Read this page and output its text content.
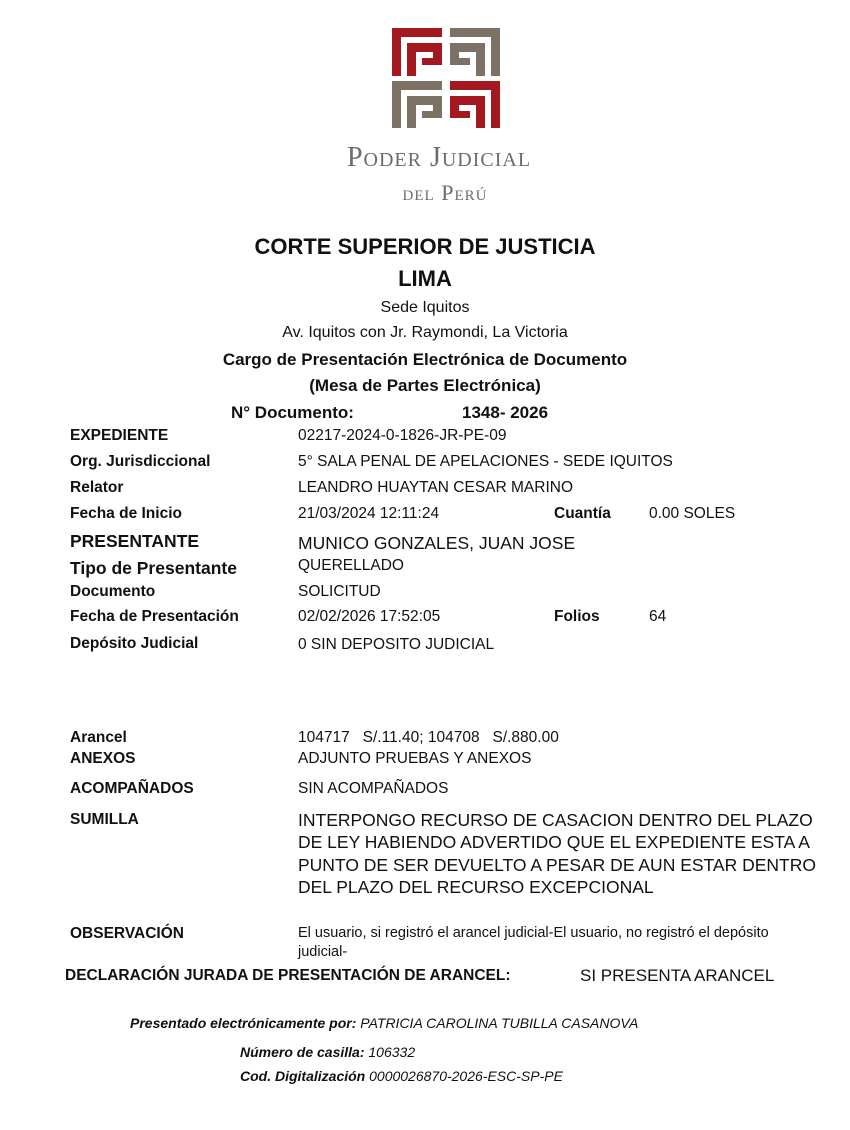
Poder Judicial
del Perú
CORTE SUPERIOR DE JUSTICIA
LIMA
Sede Iquitos
Av. Iquitos con Jr. Raymondi, La Victoria
Cargo de Presentación Electrónica de Documento
(Mesa de Partes Electrónica)
N° Documento:	1348- 2026
EXPEDIENTE	02217-2024-0-1826-JR-PE-09
Org. Jurisdiccional	5° SALA PENAL DE APELACIONES - SEDE IQUITOS
Relator	LEANDRO HUAYTAN CESAR MARINO
Fecha de Inicio	21/03/2024 12:11:24	Cuantía 0.00 SOLES
PRESENTANTE	MUNICO GONZALES, JUAN JOSE
Tipo de Presentante	QUERELLADO
Documento	SOLICITUD
Fecha de Presentación	02/02/2026 17:52:05	Folios	64
Depósito Judicial	0 SIN DEPOSITO JUDICIAL
Arancel	104717   S/.11.40; 104708   S/.880.00
ANEXOS	ADJUNTO PRUEBAS Y ANEXOS
ACOMPAÑADOS	SIN ACOMPAÑADOS
SUMILLA	INTERPONGO RECURSO DE CASACION DENTRO DEL PLAZO DE LEY HABIENDO ADVERTIDO QUE EL EXPEDIENTE ESTA A PUNTO DE SER DEVUELTO A PESAR DE AUN ESTAR DENTRO DEL PLAZO DEL RECURSO EXCEPCIONAL
OBSERVACIÓN	El usuario, si registró el arancel judicial-El usuario, no registró el depósito judicial-
DECLARACIÓN JURADA DE PRESENTACIÓN DE ARANCEL:	SI PRESENTA ARANCEL
Presentado electrónicamente por: PATRICIA CAROLINA TUBILLA CASANOVA
Número de casilla: 106332
Cod. Digitalización 0000026870-2026-ESC-SP-PE
